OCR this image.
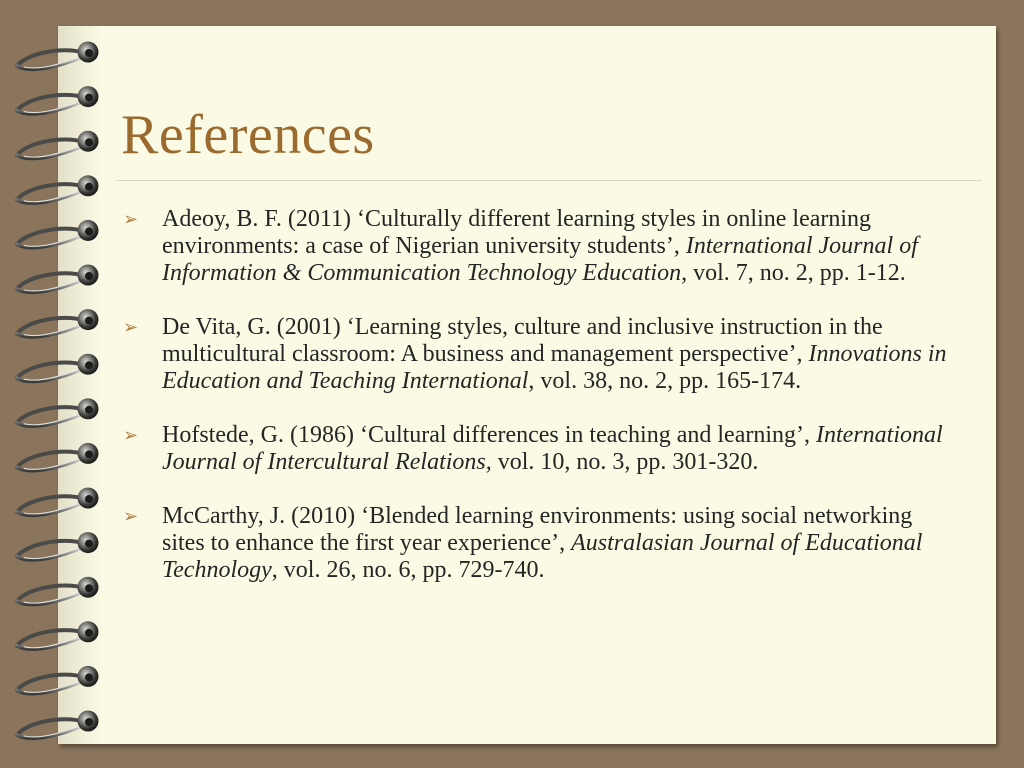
References
➢ Adeoy, B. F. (2011) ‘Culturally different learning styles in online learning environments: a case of Nigerian university students’, International Journal of Information & Communication Technology Education, vol. 7, no. 2, pp. 1-12.
➢ De Vita, G. (2001) ‘Learning styles, culture and inclusive instruction in the multicultural classroom: A business and management perspective’, Innovations in Education and Teaching International, vol. 38, no. 2, pp. 165-174.
➢ Hofstede, G. (1986) ‘Cultural differences in teaching and learning’, International Journal of Intercultural Relations, vol. 10, no. 3, pp. 301-320.
➢ McCarthy, J. (2010) ‘Blended learning environments: using social networking sites to enhance the first year experience’, Australasian Journal of Educational Technology, vol. 26, no. 6, pp. 729-740.
